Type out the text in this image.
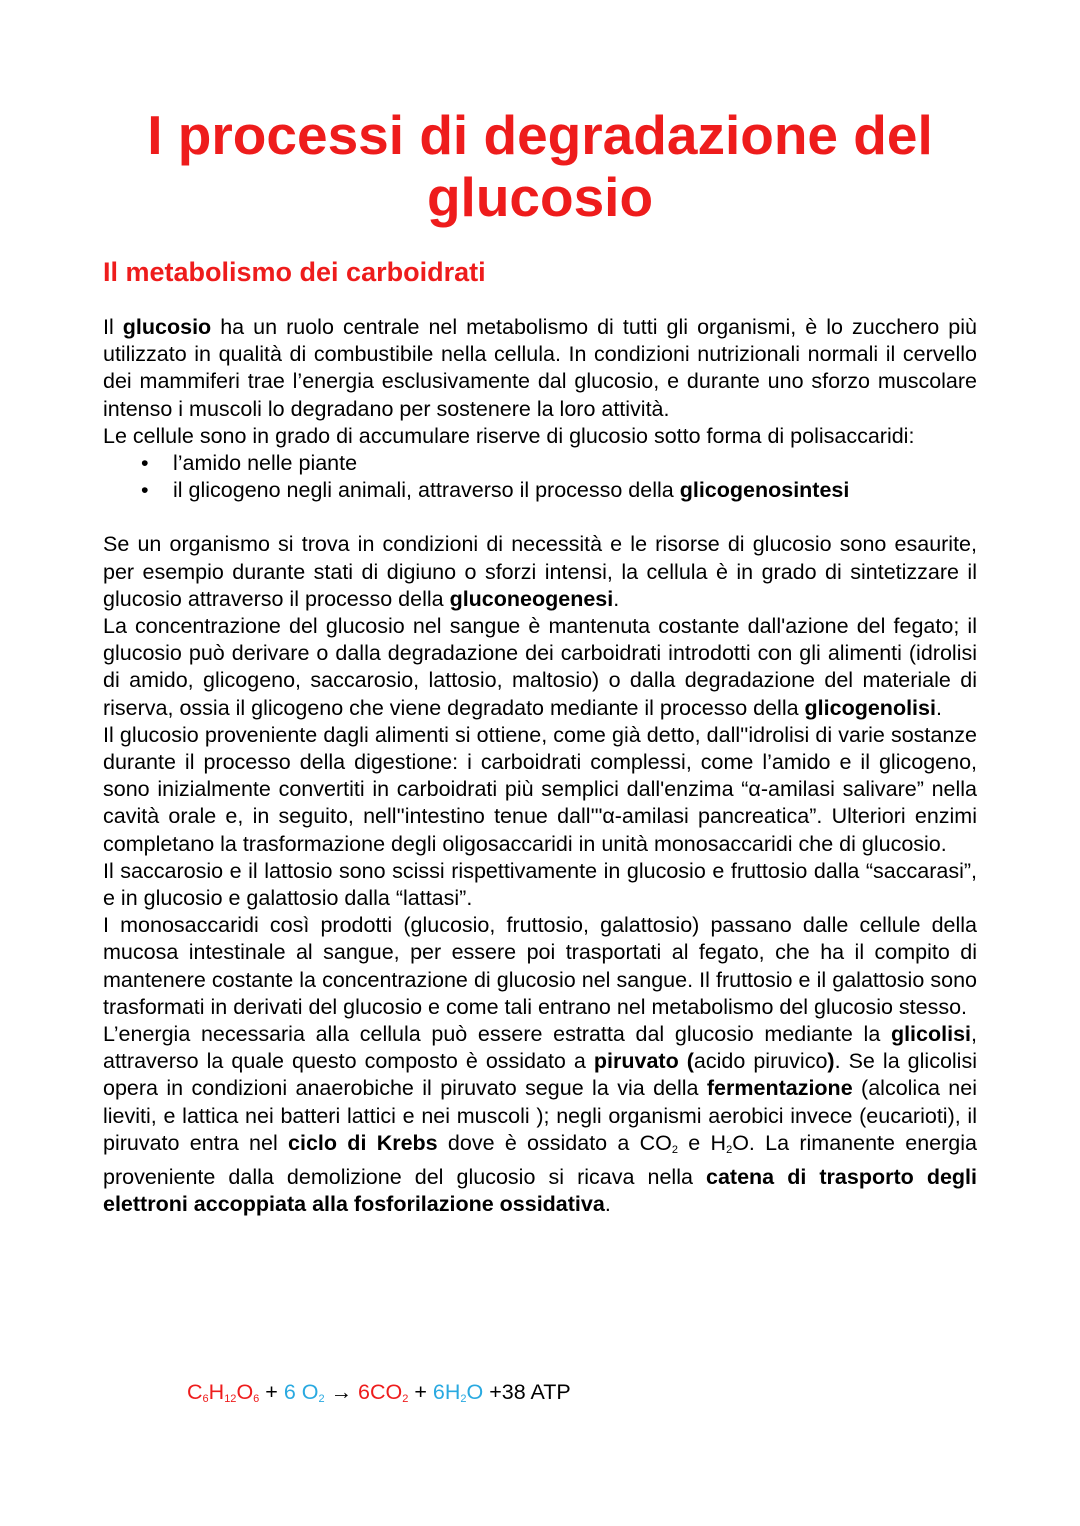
I processi di degradazione del
glucosio
Il metabolismo dei carboidrati

Il glucosio ha un ruolo centrale nel metabolismo di tutti gli organismi, è lo zucchero più utilizzato in qualità di combustibile nella cellula. In condizioni nutrizionali normali il cervello dei mammiferi trae l’energia esclusivamente dal glucosio, e durante uno sforzo muscolare intenso i muscoli lo degradano per sostenere la loro attività.

Le cellule sono in grado di accumulare riserve di glucosio sotto forma di polisaccaridi:

• l’amido nelle piante
• il glicogeno negli animali, attraverso il processo della glicogenosintesi

Se un organismo si trova in condizioni di necessità e le risorse di glucosio sono esaurite, per esempio durante stati di digiuno o sforzi intensi, la cellula è in grado di sintetizzare il glucosio attraverso il processo della gluconeogenesi.

La concentrazione del glucosio nel sangue è mantenuta costante dall'azione del fegato; il glucosio può derivare o dalla degradazione dei carboidrati introdotti con gli alimenti (idrolisi di amido, glicogeno, saccarosio, lattosio, maltosio) o dalla degradazione del materiale di riserva, ossia il glicogeno che viene degradato mediante il processo della glicogenolisi.

Il glucosio proveniente dagli alimenti si ottiene, come già detto, dall''idrolisi di varie sostanze durante il processo della digestione: i carboidrati complessi, come l’amido e il glicogeno, sono inizialmente convertiti in carboidrati più semplici dall'enzima “α-amilasi salivare” nella cavità orale e, in seguito, nell''intestino tenue dall'"α-amilasi pancreatica”. Ulteriori enzimi completano la trasformazione degli oligosaccaridi in unità monosaccaridi che di glucosio.

Il saccarosio e il lattosio sono scissi rispettivamente in glucosio e fruttosio dalla “saccarasi”, e in glucosio e galattosio dalla “lattasi”.

I monosaccaridi così prodotti (glucosio, fruttosio, galattosio) passano dalle cellule della mucosa intestinale al sangue, per essere poi trasportati al fegato, che ha il compito di mantenere costante la concentrazione di glucosio nel sangue. Il fruttosio e il galattosio sono trasformati in derivati del glucosio e come tali entrano nel metabolismo del glucosio stesso.

L’energia necessaria alla cellula può essere estratta dal glucosio mediante la glicolisi, attraverso la quale questo composto è ossidato a piruvato (acido piruvico). Se la glicolisi opera in condizioni anaerobiche il piruvato segue la via della fermentazione (alcolica nei lieviti, e lattica nei batteri lattici e nei muscoli ); negli organismi aerobici invece (eucarioti), il piruvato entra nel ciclo di Krebs dove è ossidato a $CO_2$ e $H_2O$. La rimanente energia proveniente dalla demolizione del glucosio si ricava nella catena di trasporto degli elettroni accoppiata alla fosforilazione ossidativa.

$C_6H_{12}O_6 + 6$ $O_2 \to 6CO_2 + 6H_2O +38$ ATP
